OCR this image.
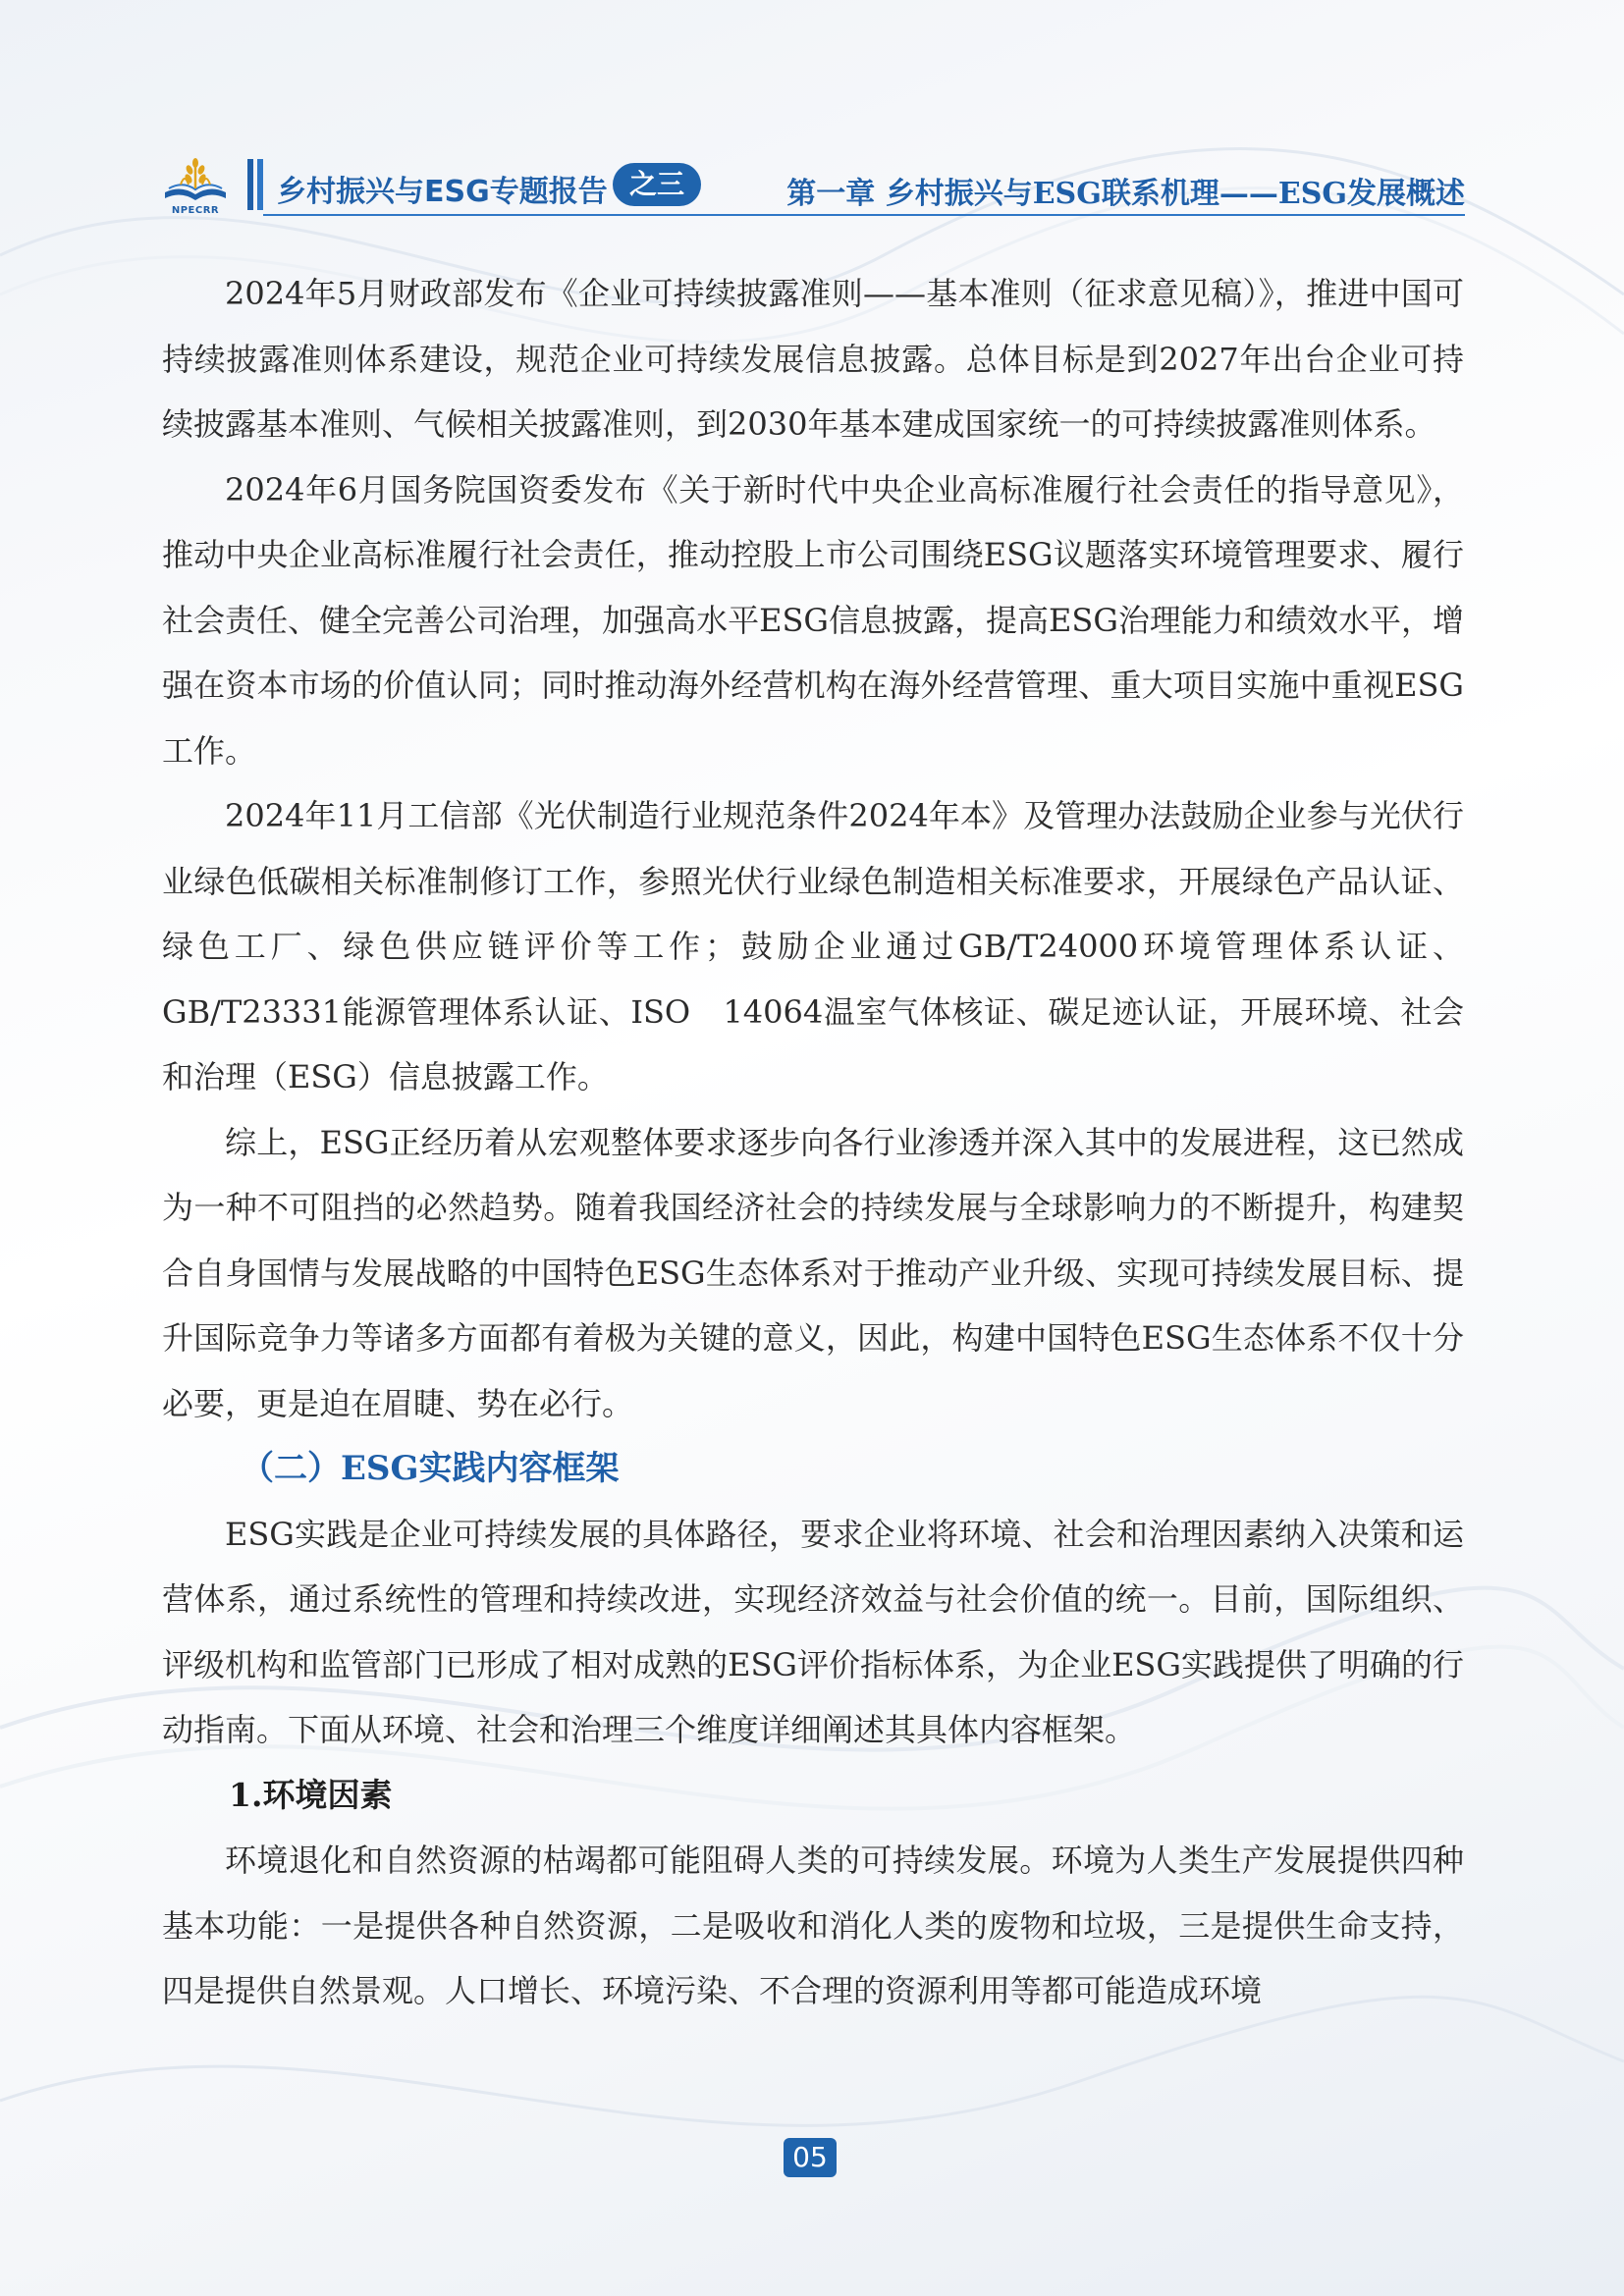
NPECRR
乡村振兴与ESG专题报告 之三	第一章 乡村振兴与ESG联系机理——ESG发展概述

2024年5月财政部发布《企业可持续披露准则——基本准则（征求意见稿）》，推进中国可持续披露准则体系建设，规范企业可持续发展信息披露。总体目标是到2027年出台企业可持续披露基本准则、气候相关披露准则，到2030年基本建成国家统一的可持续披露准则体系。

2024年6月国务院国资委发布《关于新时代中央企业高标准履行社会责任的指导意见》，推动中央企业高标准履行社会责任，推动控股上市公司围绕ESG议题落实环境管理要求、履行社会责任、健全完善公司治理，加强高水平ESG信息披露，提高ESG治理能力和绩效水平，增强在资本市场的价值认同；同时推动海外经营机构在海外经营管理、重大项目实施中重视ESG工作。

2024年11月工信部《光伏制造行业规范条件2024年本》及管理办法鼓励企业参与光伏行业绿色低碳相关标准制修订工作，参照光伏行业绿色制造相关标准要求，开展绿色产品认证、绿色工厂、绿色供应链评价等工作；鼓励企业通过GB/T24000环境管理体系认证、GB/T23331能源管理体系认证、ISO　14064温室气体核证、碳足迹认证，开展环境、社会和治理（ESG）信息披露工作。

综上，ESG正经历着从宏观整体要求逐步向各行业渗透并深入其中的发展进程，这已然成为一种不可阻挡的必然趋势。随着我国经济社会的持续发展与全球影响力的不断提升，构建契合自身国情与发展战略的中国特色ESG生态体系对于推动产业升级、实现可持续发展目标、提升国际竞争力等诸多方面都有着极为关键的意义，因此，构建中国特色ESG生态体系不仅十分必要，更是迫在眉睫、势在必行。

（二）ESG实践内容框架

ESG实践是企业可持续发展的具体路径，要求企业将环境、社会和治理因素纳入决策和运营体系，通过系统性的管理和持续改进，实现经济效益与社会价值的统一。目前，国际组织、评级机构和监管部门已形成了相对成熟的ESG评价指标体系，为企业ESG实践提供了明确的行动指南。下面从环境、社会和治理三个维度详细阐述其具体内容框架。

1.环境因素

环境退化和自然资源的枯竭都可能阻碍人类的可持续发展。环境为人类生产发展提供四种基本功能：一是提供各种自然资源，二是吸收和消化人类的废物和垃圾，三是提供生命支持，四是提供自然景观。人口增长、环境污染、不合理的资源利用等都可能造成环境

05
